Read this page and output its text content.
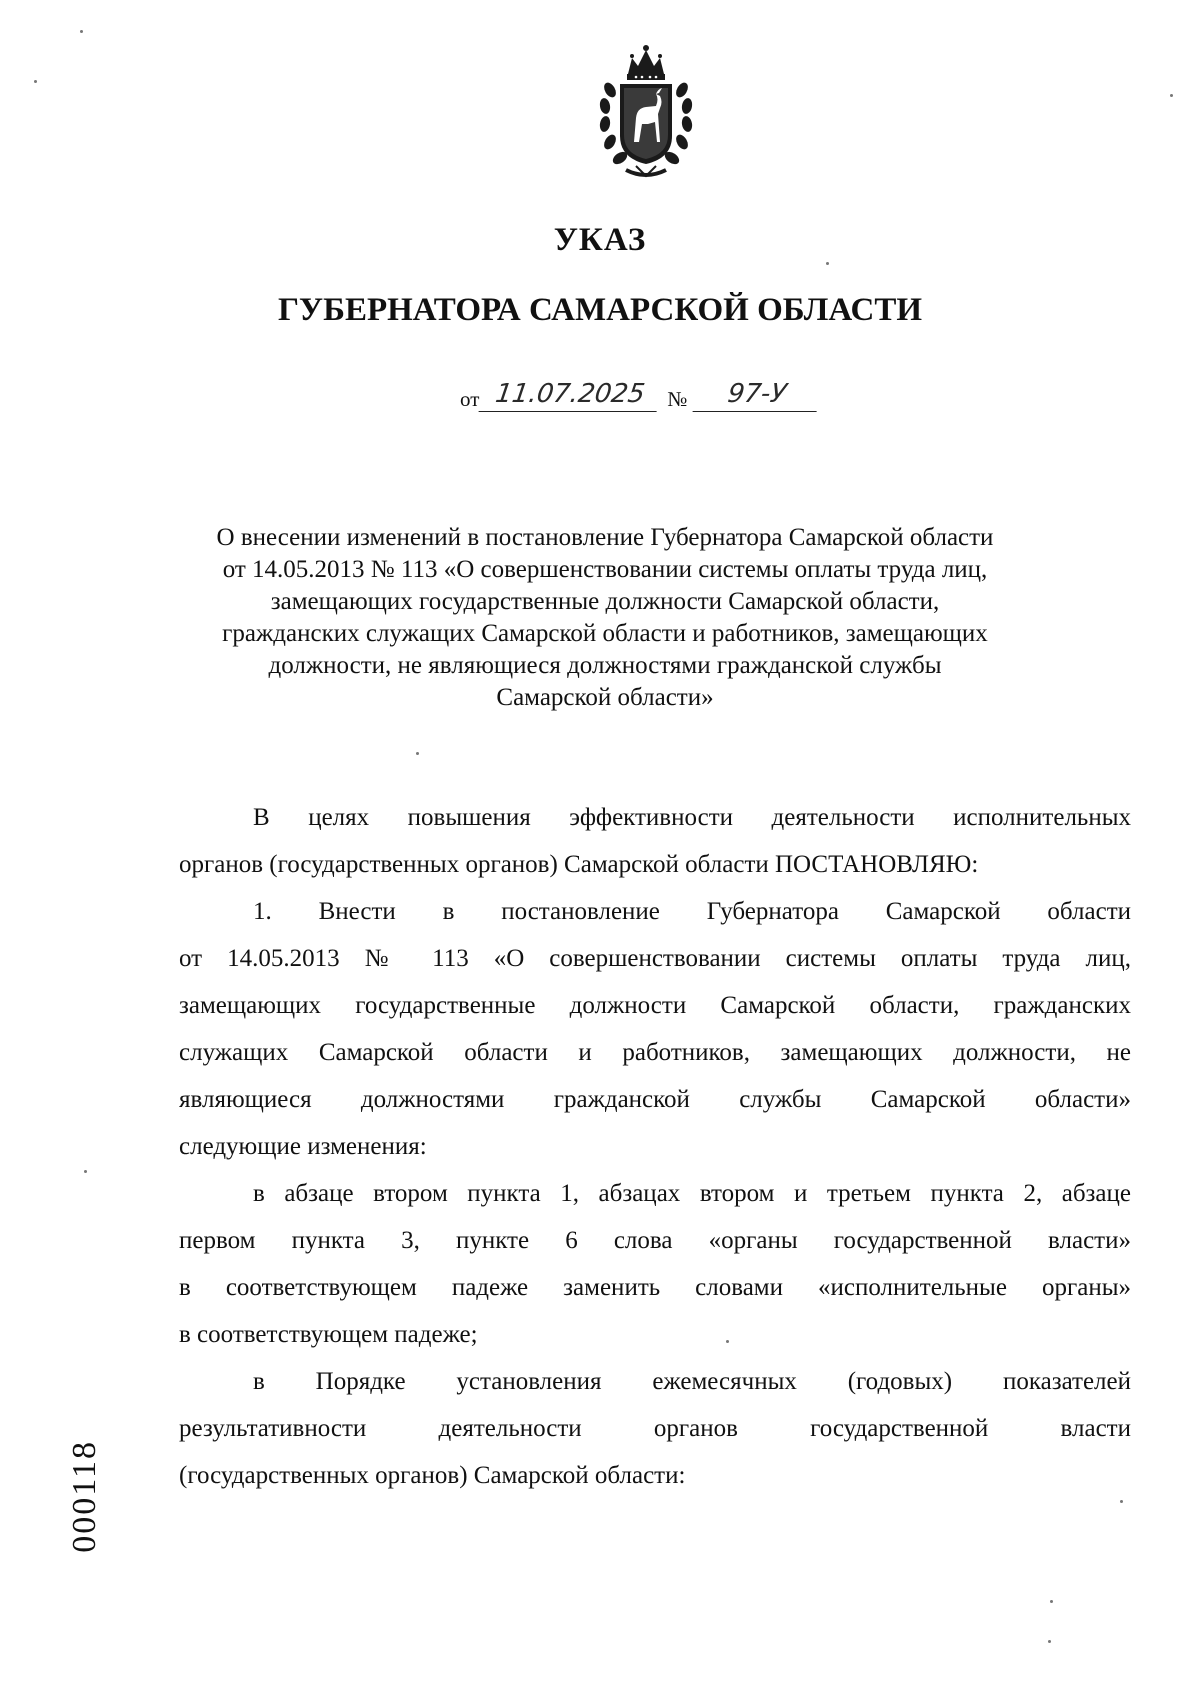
УКАЗ
ГУБЕРНАТОРА САМАРСКОЙ ОБЛАСТИ
от 11.07.2025 №	97-У
О внесении изменений в постановление Губернатора Самарской области
от 14.05.2013 № 113 «О совершенствовании системы оплаты труда лиц,
замещающих государственные должности Самарской области,
гражданских служащих Самарской области и работников, замещающих
должности, не являющиеся должностями гражданской службы
Самарской области»
В целях повышения эффективности деятельности исполнительных
органов (государственных органов) Самарской области ПОСТАНОВЛЯЮ:
1. Внести в постановление Губернатора Самарской области
от 14.05.2013 № 113 «О совершенствовании системы оплаты труда лиц,
замещающих государственные должности Самарской области, гражданских
служащих Самарской области и работников, замещающих должности, не
являющиеся должностями гражданской службы Самарской области»
следующие изменения:
в абзаце втором пункта 1, абзацах втором и третьем пункта 2, абзаце
первом пункта 3, пункте 6 слова «органы государственной власти»
в соответствующем падеже заменить словами «исполнительные органы»
в соответствующем падеже;
в Порядке установления ежемесячных (годовых) показателей
результативности деятельности органов государственной власти
(государственных органов) Самарской области:
000118
